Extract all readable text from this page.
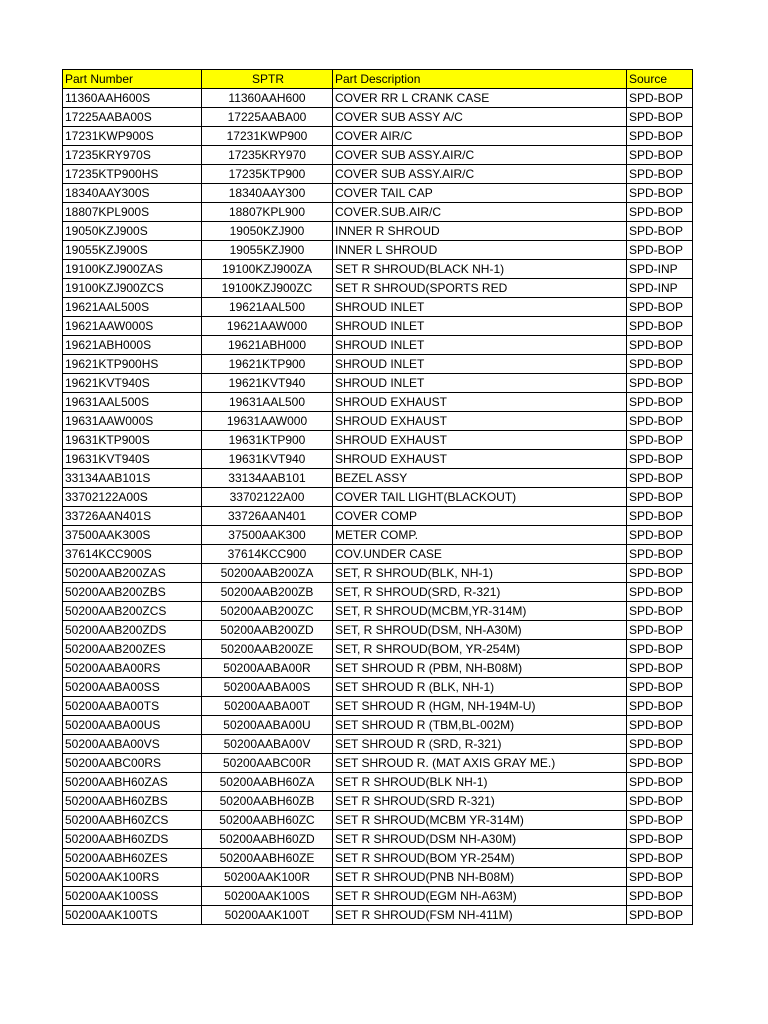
Part Number	SPTR	Part Description	Source
11360AAH600S	11360AAH600	COVER RR L CRANK CASE	SPD-BOP
17225AABA00S	17225AABA00	COVER SUB ASSY A/C	SPD-BOP
17231KWP900S	17231KWP900	COVER AIR/C	SPD-BOP
17235KRY970S	17235KRY970	COVER SUB ASSY.AIR/C	SPD-BOP
17235KTP900HS	17235KTP900	COVER SUB ASSY.AIR/C	SPD-BOP
18340AAY300S	18340AAY300	COVER TAIL CAP	SPD-BOP
18807KPL900S	18807KPL900	COVER.SUB.AIR/C	SPD-BOP
19050KZJ900S	19050KZJ900	INNER R SHROUD	SPD-BOP
19055KZJ900S	19055KZJ900	INNER L SHROUD	SPD-BOP
19100KZJ900ZAS	19100KZJ900ZA	SET R SHROUD(BLACK NH-1)	SPD-INP
19100KZJ900ZCS	19100KZJ900ZC	SET R SHROUD(SPORTS RED	SPD-INP
19621AAL500S	19621AAL500	SHROUD INLET	SPD-BOP
19621AAW000S	19621AAW000	SHROUD INLET	SPD-BOP
19621ABH000S	19621ABH000	SHROUD INLET	SPD-BOP
19621KTP900HS	19621KTP900	SHROUD INLET	SPD-BOP
19621KVT940S	19621KVT940	SHROUD INLET	SPD-BOP
19631AAL500S	19631AAL500	SHROUD EXHAUST	SPD-BOP
19631AAW000S	19631AAW000	SHROUD EXHAUST	SPD-BOP
19631KTP900S	19631KTP900	SHROUD EXHAUST	SPD-BOP
19631KVT940S	19631KVT940	SHROUD EXHAUST	SPD-BOP
33134AAB101S	33134AAB101	BEZEL ASSY	SPD-BOP
33702122A00S	33702122A00	COVER TAIL LIGHT(BLACKOUT)	SPD-BOP
33726AAN401S	33726AAN401	COVER COMP	SPD-BOP
37500AAK300S	37500AAK300	METER COMP.	SPD-BOP
37614KCC900S	37614KCC900	COV.UNDER CASE	SPD-BOP
50200AAB200ZAS	50200AAB200ZA	SET, R SHROUD(BLK, NH-1)	SPD-BOP
50200AAB200ZBS	50200AAB200ZB	SET, R SHROUD(SRD, R-321)	SPD-BOP
50200AAB200ZCS	50200AAB200ZC	SET, R SHROUD(MCBM,YR-314M)	SPD-BOP
50200AAB200ZDS	50200AAB200ZD	SET, R SHROUD(DSM, NH-A30M)	SPD-BOP
50200AAB200ZES	50200AAB200ZE	SET, R SHROUD(BOM, YR-254M)	SPD-BOP
50200AABA00RS	50200AABA00R	SET SHROUD R (PBM, NH-B08M)	SPD-BOP
50200AABA00SS	50200AABA00S	SET SHROUD R (BLK, NH-1)	SPD-BOP
50200AABA00TS	50200AABA00T	SET SHROUD R (HGM, NH-194M-U)	SPD-BOP
50200AABA00US	50200AABA00U	SET SHROUD R (TBM,BL-002M)	SPD-BOP
50200AABA00VS	50200AABA00V	SET SHROUD R (SRD, R-321)	SPD-BOP
50200AABC00RS	50200AABC00R	SET SHROUD R. (MAT AXIS GRAY ME.)	SPD-BOP
50200AABH60ZAS	50200AABH60ZA	SET R SHROUD(BLK NH-1)	SPD-BOP
50200AABH60ZBS	50200AABH60ZB	SET R SHROUD(SRD R-321)	SPD-BOP
50200AABH60ZCS	50200AABH60ZC	SET R SHROUD(MCBM YR-314M)	SPD-BOP
50200AABH60ZDS	50200AABH60ZD	SET R SHROUD(DSM NH-A30M)	SPD-BOP
50200AABH60ZES	50200AABH60ZE	SET R SHROUD(BOM YR-254M)	SPD-BOP
50200AAK100RS	50200AAK100R	SET R SHROUD(PNB NH-B08M)	SPD-BOP
50200AAK100SS	50200AAK100S	SET R SHROUD(EGM NH-A63M)	SPD-BOP
50200AAK100TS	50200AAK100T	SET R SHROUD(FSM NH-411M)	SPD-BOP
